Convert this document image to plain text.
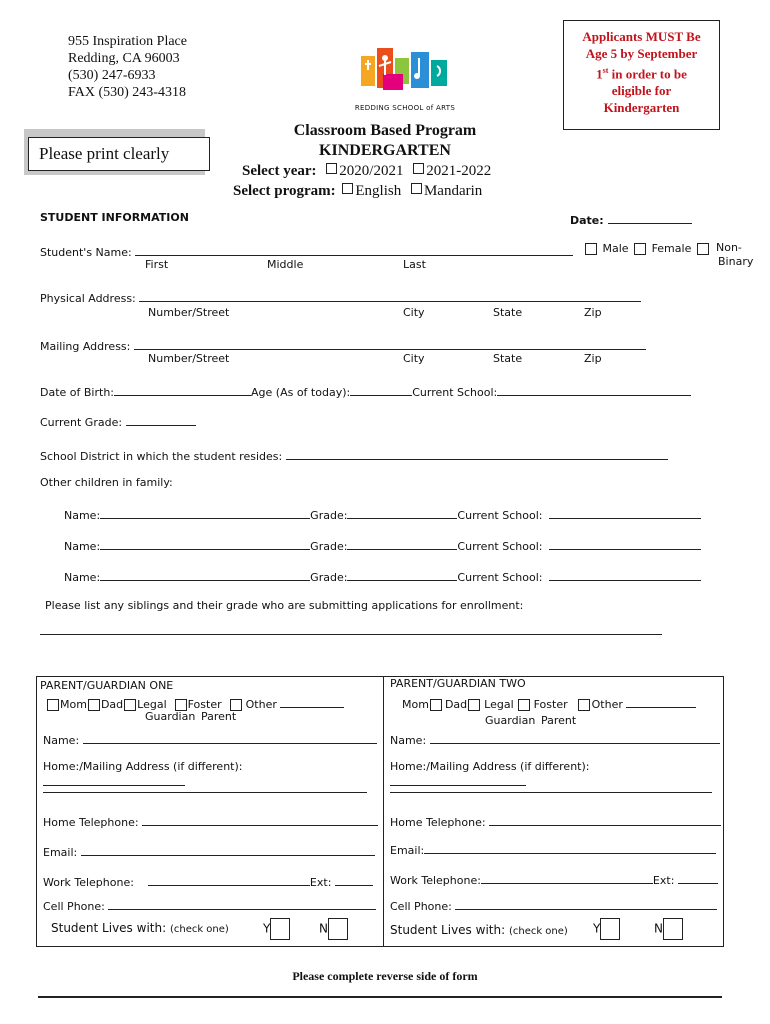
955 Inspiration Place
Redding, CA 96003
(530) 247-6933
FAX (530) 243-4318
REDDING SCHOOL of ARTS
Applicants MUST Be
Age 5 by September
1st in order to be
eligible for
Kindergarten
Please print clearly
Classroom Based Program
KINDERGARTEN
Select year: 2020/2021 2021-2022
Select program: English Mandarin
STUDENT INFORMATION	Date:
Student's Name:	Male Female	Non-
Binary
First	Middle	Last
Physical Address:
Number/Street	City	State	Zip
Mailing Address:
Number/Street	City	State	Zip
Date of Birth:	Age (As of today):	Current School:
Current Grade:
School District in which the student resides:
Other children in family:
Name:	Grade:	Current School:
Name:	Grade:	Current School:
Name:	Grade:	Current School:
Please list any siblings and their grade who are submitting applications for enrollment:
PARENT/GUARDIAN ONE
Mom Dad Legal Foster Other
Guardian Parent
Name:
Home:/Mailing Address (if different):
Home Telephone:
Email:
Work Telephone:	Ext:
Cell Phone:
Student Lives with: (check one)	Y	N
PARENT/GUARDIAN TWO
Mom Dad Legal Foster Other
Guardian Parent
Name:
Home:/Mailing Address (if different):
Home Telephone:
Email:
Work Telephone:	Ext:
Cell Phone:
Student Lives with: (check one) Y	N
Please complete reverse side of form
